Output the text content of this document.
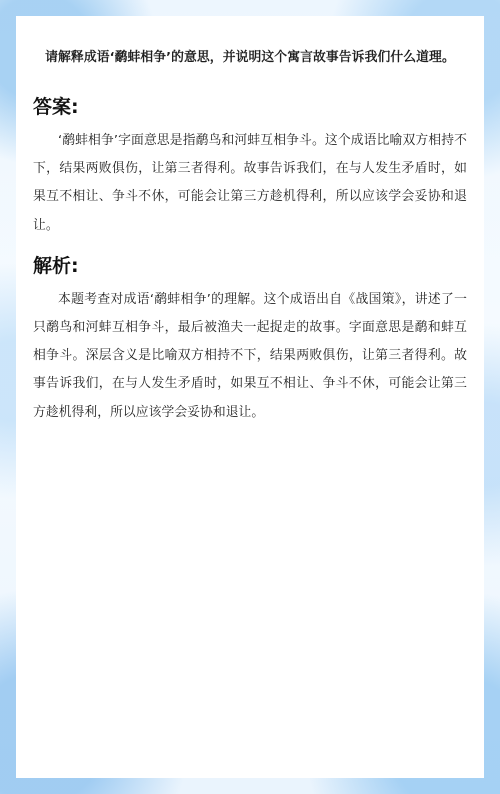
请解释成语‘鹬蚌相争’的意思，并说明这个寓言故事告诉我们什么道理。

答案:

‘鹬蚌相争’字面意思是指鹬鸟和河蚌互相争斗。这个成语比喻双方相持不下，结果两败俱伤，让第三者得利。故事告诉我们，在与人发生矛盾时，如果互不相让、争斗不休，可能会让第三方趁机得利，所以应该学会妥协和退让。

解析:

本题考查对成语‘鹬蚌相争’的理解。这个成语出自《战国策》，讲述了一只鹬鸟和河蚌互相争斗，最后被渔夫一起捉走的故事。字面意思是鹬和蚌互相争斗。深层含义是比喻双方相持不下，结果两败俱伤，让第三者得利。故事告诉我们，在与人发生矛盾时，如果互不相让、争斗不休，可能会让第三方趁机得利，所以应该学会妥协和退让。
